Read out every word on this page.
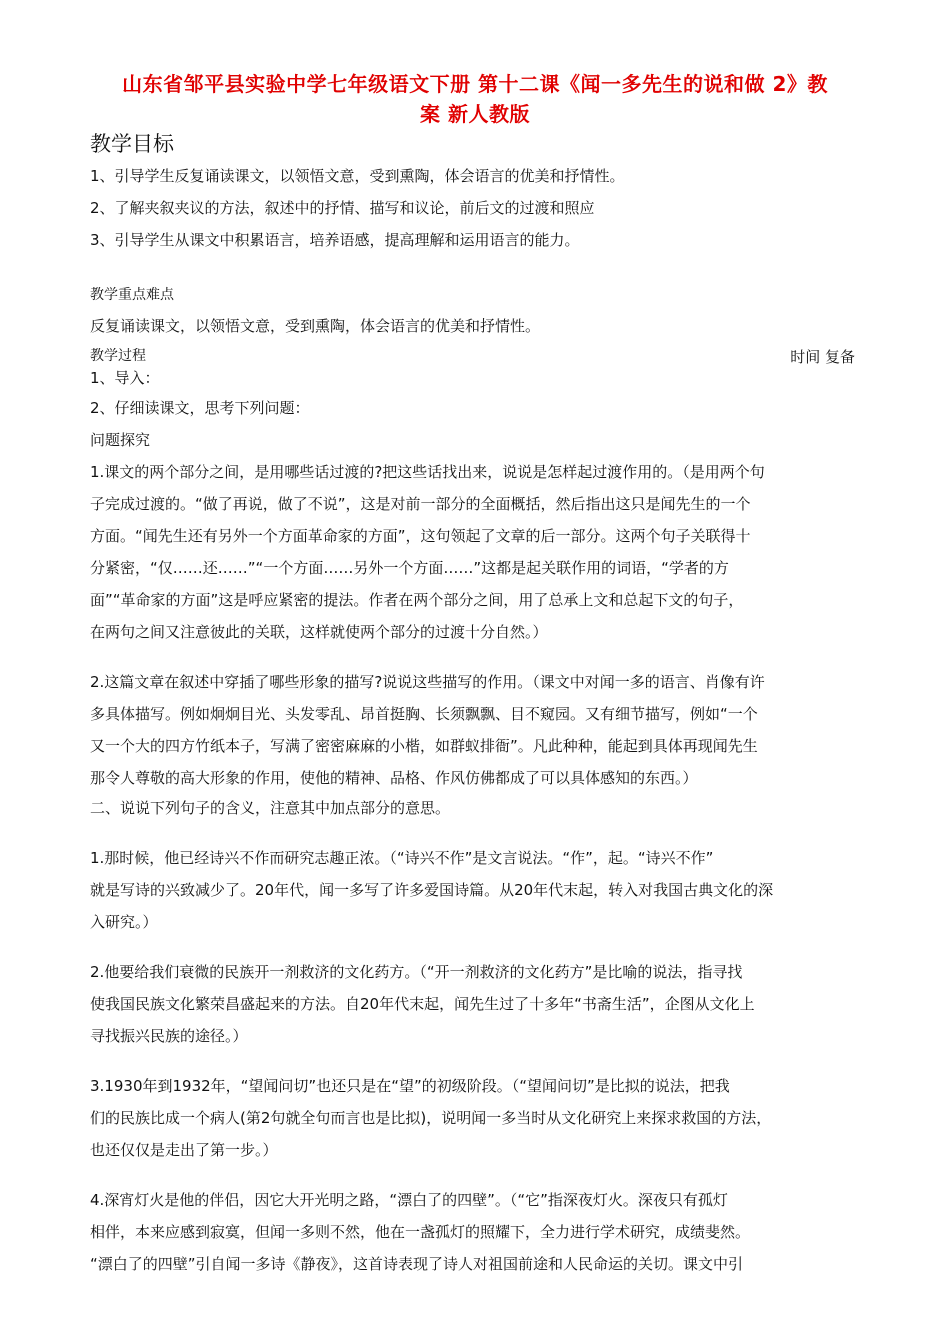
山东省邹平县实验中学七年级语文下册 第十二课《闻一多先生的说和做 2》教
案 新人教版
教学目标
1、引导学生反复诵读课文，以领悟文意，受到熏陶，体会语言的优美和抒情性。
2、了解夹叙夹议的方法，叙述中的抒情、描写和议论，前后文的过渡和照应
3、引导学生从课文中积累语言，培养语感，提高理解和运用语言的能力。
教学重点难点
反复诵读课文，以领悟文意，受到熏陶，体会语言的优美和抒情性。
教学过程	时间 复备
1、导入：
2、仔细读课文，思考下列问题：
问题探究
1.课文的两个部分之间，是用哪些话过渡的?把这些话找出来，说说是怎样起过渡作用的。（是用两个句
子完成过渡的。“做了再说，做了不说”，这是对前一部分的全面概括，然后指出这只是闻先生的一个
方面。“闻先生还有另外一个方面革命家的方面”，这句领起了文章的后一部分。这两个句子关联得十
分紧密，“仅……还……”“一个方面……另外一个方面……”这都是起关联作用的词语，“学者的方
面”“革命家的方面”这是呼应紧密的提法。作者在两个部分之间，用了总承上文和总起下文的句子，
在两句之间又注意彼此的关联，这样就使两个部分的过渡十分自然。）
2.这篇文章在叙述中穿插了哪些形象的描写?说说这些描写的作用。（课文中对闻一多的语言、肖像有许
多具体描写。例如炯炯目光、头发零乱、昂首挺胸、长须飘飘、目不窥园。又有细节描写，例如“一个
又一个大的四方竹纸本子，写满了密密麻麻的小楷，如群蚁排衙”。凡此种种，能起到具体再现闻先生
那令人尊敬的高大形象的作用，使他的精神、品格、作风仿佛都成了可以具体感知的东西。）
二、说说下列句子的含义，注意其中加点部分的意思。
1.那时候，他已经诗兴不作而研究志趣正浓。（“诗兴不作”是文言说法。“作”，起。“诗兴不作”
就是写诗的兴致减少了。20年代，闻一多写了许多爱国诗篇。从20年代末起，转入对我国古典文化的深
入研究。）
2.他要给我们衰微的民族开一剂救济的文化药方。（“开一剂救济的文化药方”是比喻的说法，指寻找
使我国民族文化繁荣昌盛起来的方法。自20年代末起，闻先生过了十多年“书斋生活”，企图从文化上
寻找振兴民族的途径。）
3.1930年到1932年，“望闻问切”也还只是在“望”的初级阶段。（“望闻问切”是比拟的说法，把我
们的民族比成一个病人(第2句就全句而言也是比拟)，说明闻一多当时从文化研究上来探求救国的方法，
也还仅仅是走出了第一步。）
4.深宵灯火是他的伴侣，因它大开光明之路，“漂白了的四壁”。（“它”指深夜灯火。深夜只有孤灯
相伴，本来应感到寂寞，但闻一多则不然，他在一盏孤灯的照耀下，全力进行学术研究，成绩斐然。
“漂白了的四壁”引自闻一多诗《静夜》，这首诗表现了诗人对祖国前途和人民命运的关切。课文中引
